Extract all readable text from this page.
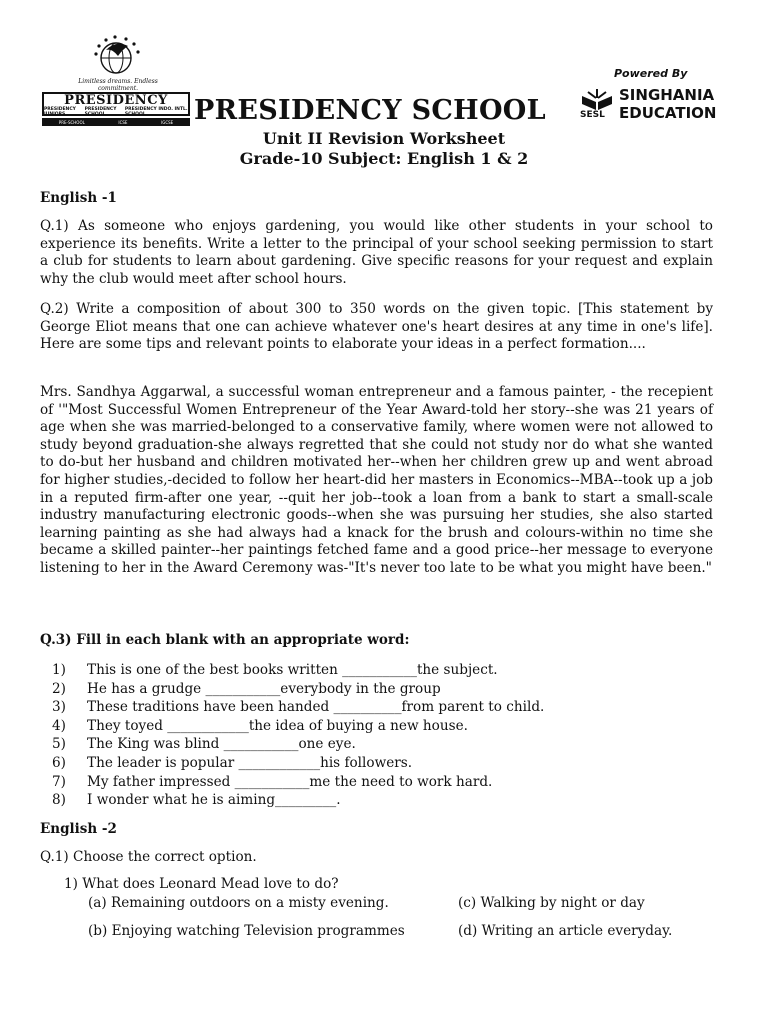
Limitless dreams. Endless commitment.
PRESIDENCY
PRESIDENCY JUNIORS
PRESIDENCY SCHOOL
PRESIDENCY INDO. INTL. SCHOOL
PRE-SCHOOL	ICSE	IGCSE PRESIDENCY SCHOOL
Powered By
SESL
SINGHANIA
EDUCATION
Unit II Revision Worksheet
Grade-10 Subject: English 1 & 2
English -1

Q.1) As someone who enjoys gardening, you would like other students in your school to experience its benefits. Write a letter to the principal of your school seeking permission to start a club for students to learn about gardening. Give specific reasons for your request and explain why the club would meet after school hours.

Q.2) Write a composition of about 300 to 350 words on the given topic. [This statement by George Eliot means that one can achieve whatever one's heart desires at any time in one's life]. Here are some tips and relevant points to elaborate your ideas in a perfect formation....

Mrs. Sandhya Aggarwal, a successful woman entrepreneur and a famous painter, - the recepient of '"Most Successful Women Entrepreneur of the Year Award-told her story--she was 21 years of age when she was married-belonged to a conservative family, where women were not allowed to study beyond graduation-she always regretted that she could not study nor do what she wanted to do-but her husband and children motivated her--when her children grew up and went abroad for higher studies,-decided to follow her heart-did her masters in Economics--MBA--took up a job in a reputed firm-after one year, --quit her job--took a loan from a bank to start a small-scale industry manufacturing electronic goods--when she was pursuing her studies, she also started learning painting as she had always had a knack for the brush and colours-within no time she became a skilled painter--her paintings fetched fame and a good price--her message to everyone listening to her in the Award Ceremony was-"It's never too late to be what you might have been."

Q.3) Fill in each blank with an appropriate word:
1) This is one of the best books written ___________the subject.
2) He has a grudge ___________everybody in the group
3) These traditions have been handed __________from parent to child.
4) They toyed ____________the idea of buying a new house.
5) The King was blind ___________one eye.
6) The leader is popular ____________his followers.
7) My father impressed ___________me the need to work hard.
8) I wonder what he is aiming_________.
English -2

Q.1) Choose the correct option.

1) What does Leonard Mead love to do?
(a) Remaining outdoors on a misty evening.	(c) Walking by night or day
(b) Enjoying watching Television programmes	(d) Writing an article everyday.
